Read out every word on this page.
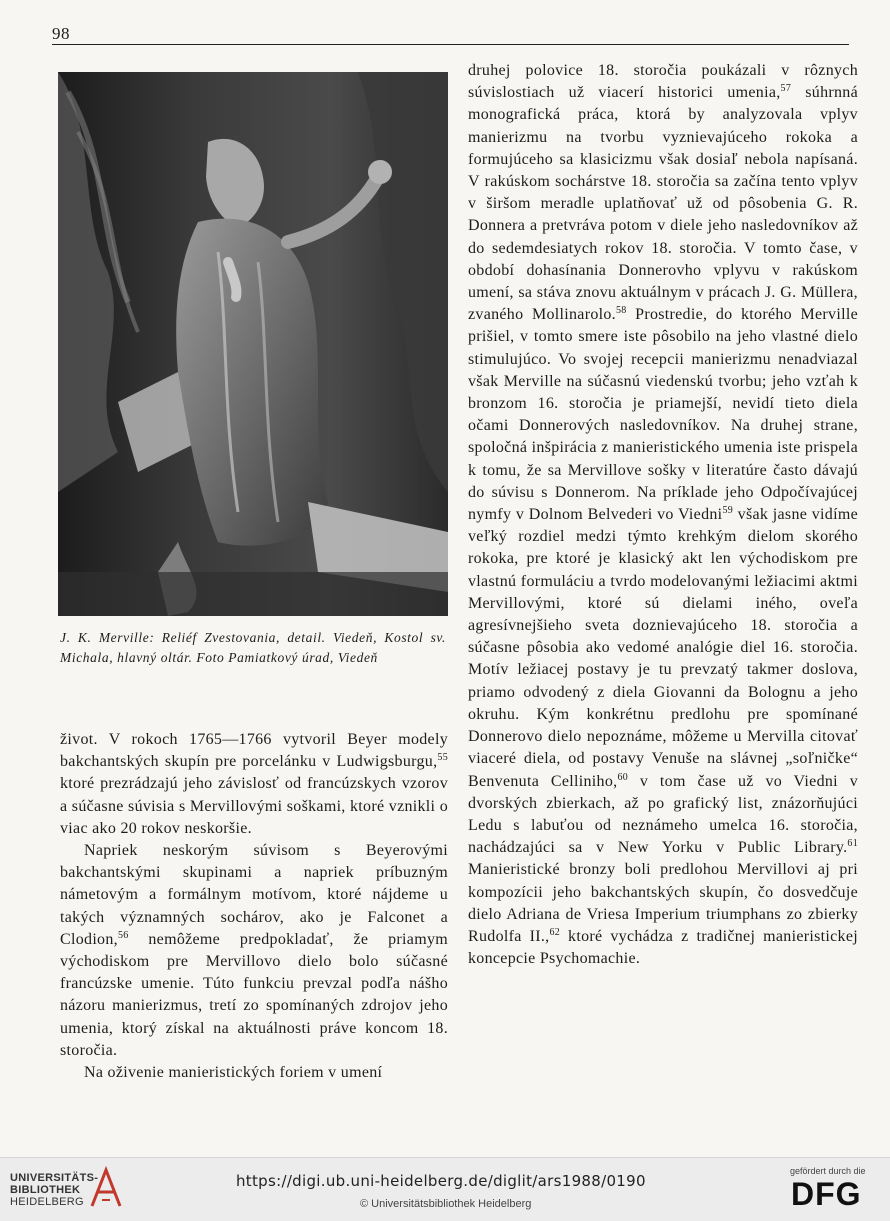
98
J. K. Merville: Reliéf Zvestovania, detail. Viedeň, Kostol sv. Michala, hlavný oltár. Foto Pamiatkový úrad, Viedeň

život. V rokoch 1765—1766 vytvoril Beyer modely bakchantských skupín pre porcelánku v Ludwigsburgu,$^{55}$ ktoré prezrádzajú jeho závislosť od francúzskych vzorov a súčasne súvisia s Mervillovými soškami, ktoré vznikli o viac ako 20 rokov neskoršie.

Napriek neskorým súvisom s Beyerovými bakchantskými skupinami a napriek príbuzným námetovým a formálnym motívom, ktoré nájdeme u takých významných sochárov, ako je Falconet a Clodion,$^{56}$ nemôžeme predpokladať, že priamym východiskom pre Mervillovo dielo bolo súčasné francúzske umenie. Túto funkciu prevzal podľa nášho názoru manierizmus, tretí zo spomínaných zdrojov jeho umenia, ktorý získal na aktuálnosti práve koncom 18. storočia.

Na oživenie manieristických foriem v umení

druhej polovice 18. storočia poukázali v rôznych súvislostiach už viacerí historici umenia,$^{57}$ súhrnná monografická práca, ktorá by analyzovala vplyv manierizmu na tvorbu vyznievajúceho rokoka a formujúceho sa klasicizmu však dosiaľ nebola napísaná. V rakúskom sochárstve 18. storočia sa začína tento vplyv v širšom meradle uplatňovať už od pôsobenia G. R. Donnera a pretvráva potom v diele jeho nasledovníkov až do sedemdesiatych rokov 18. storočia. V tomto čase, v období dohasínania Donnerovho vplyvu v rakúskom umení, sa stáva znovu aktuálnym v prácach J. G. Müllera, zvaného Mollinarolo.$^{58}$ Prostredie, do ktorého Merville prišiel, v tomto smere iste pôsobilo na jeho vlastné dielo stimulujúco. Vo svojej recepcii manierizmu nenadviazal však Merville na súčasnú viedenskú tvorbu; jeho vzťah k bronzom 16. storočia je priamejší, nevidí tieto diela očami Donnerových nasledovníkov. Na druhej strane, spoločná inšpirácia z manieristického umenia iste prispela k tomu, že sa Mervillove sošky v literatúre často dávajú do súvisu s Donnerom. Na príklade jeho Odpočívajúcej nymfy v Dolnom Belvederi vo Viedni$^{59}$ však jasne vidíme veľký rozdiel medzi týmto krehkým dielom skorého rokoka, pre ktoré je klasický akt len východiskom pre vlastnú formuláciu a tvrdo modelovanými ležiacimi aktmi Mervillovými, ktoré sú dielami iného, oveľa agresívnejšieho sveta doznievajúceho 18. storočia a súčasne pôsobia ako vedomé analógie diel 16. storočia. Motív ležiacej postavy je tu prevzatý takmer doslova, priamo odvodený z diela Giovanni da Bolognu a jeho okruhu. Kým konkrétnu predlohu pre spomínané Donnerovo dielo nepoznáme, môžeme u Mervilla citovať viaceré diela, od postavy Venuše na slávnej „soľničke“ Benvenuta Celliniho,$^{60}$ v tom čase už vo Viedni v dvorských zbierkach, až po grafický list, znázorňujúci Ledu s labuťou od neznámeho umelca 16. storočia, nachádzajúci sa v New Yorku v Public Library.$^{61}$ Manieristické bronzy boli predlohou Mervillovi aj pri kompozícii jeho bakchantských skupín, čo dosvedčuje dielo Adriana de Vriesa Imperium triumphans zo zbierky Rudolfa II.,$^{62}$ ktoré vychádza z tradičnej manieristickej koncepcie Psychomachie.

UNIVERSITÄTS-
BIBLIOTHEK
HEIDELBERG
https://digi.ub.uni-heidelberg.de/diglit/ars1988/0190
© Universitätsbibliothek Heidelberg
gefördert durch die
DFG
